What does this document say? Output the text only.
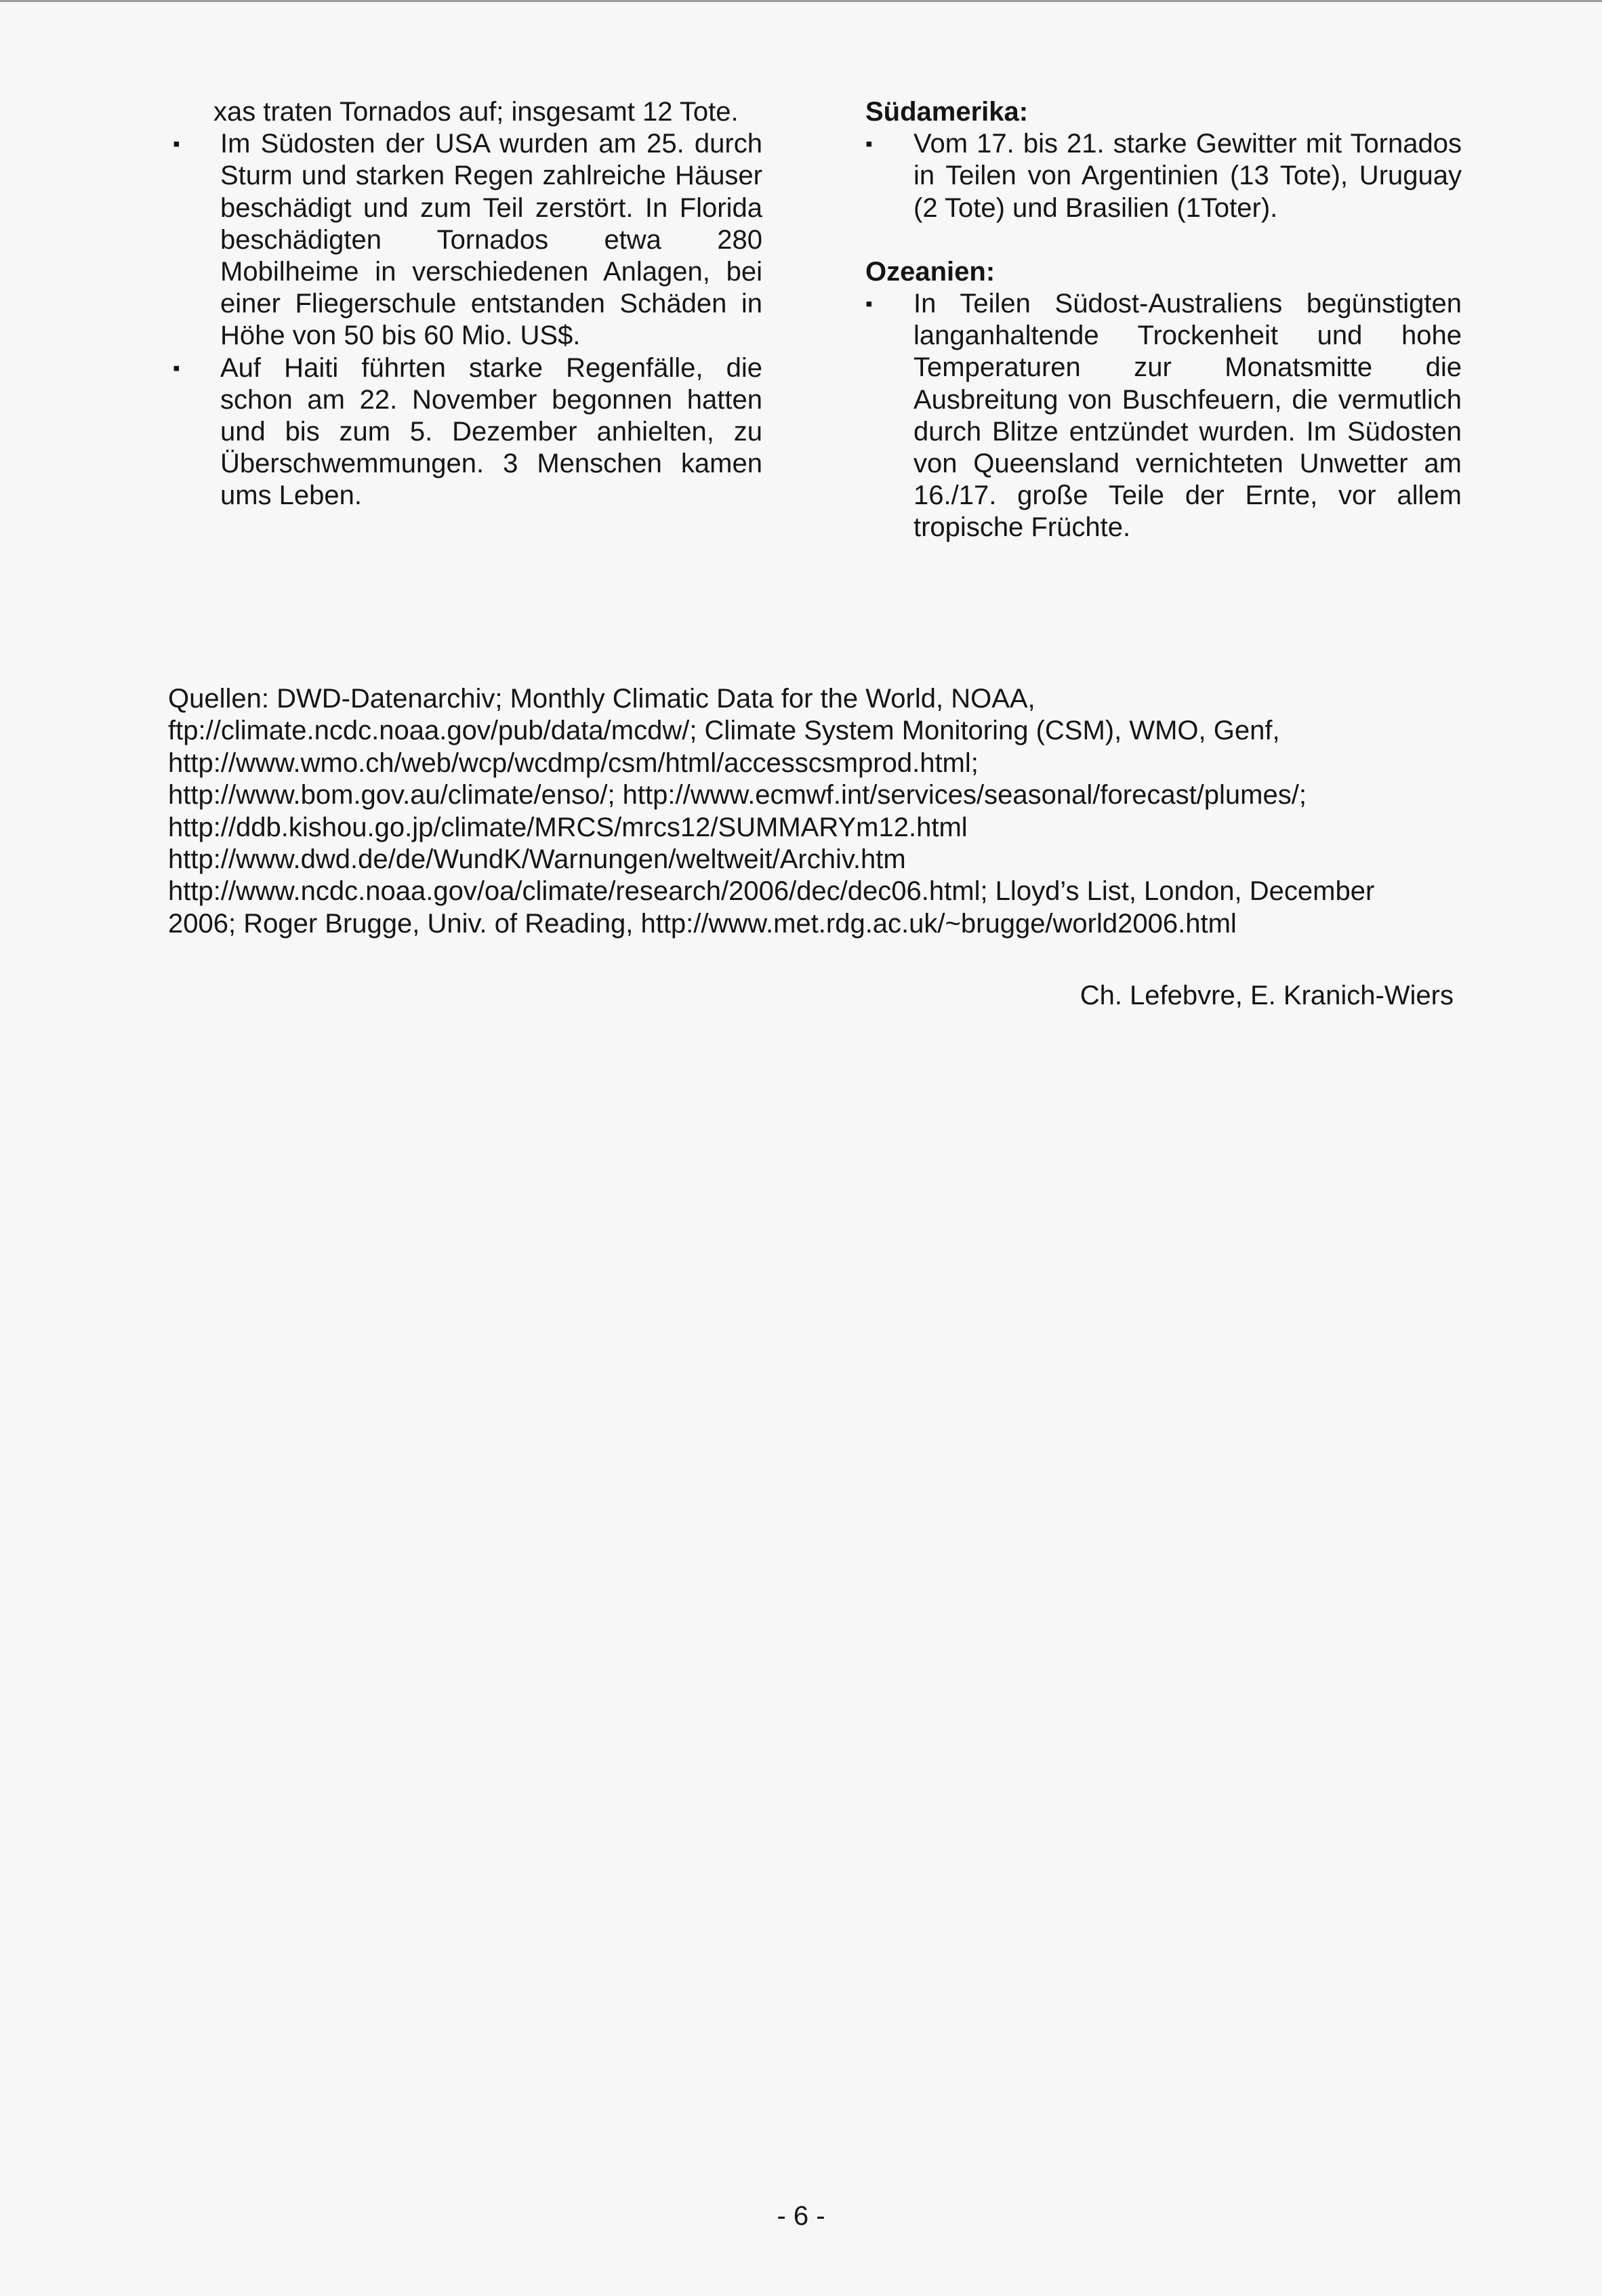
xas traten Tornados auf; insgesamt 12 Tote.

▪ Im Südosten der USA wurden am 25. durch Sturm und starken Regen zahlreiche Häuser beschädigt und zum Teil zerstört. In Florida beschädigten Tornados etwa 280 Mobilheime in verschiedenen Anlagen, bei einer Fliegerschule entstanden Schäden in Höhe von 50 bis 60 Mio. US$.
▪ Auf Haiti führten starke Regenfälle, die schon am 22. November begonnen hatten und bis zum 5. Dezember anhielten, zu Überschwemmungen. 3 Menschen kamen ums Leben.
Südamerika:
▪ Vom 17. bis 21. starke Gewitter mit Tornados in Teilen von Argentinien (13 Tote), Uruguay (2 Tote) und Brasilien (1Toter).
Ozeanien:
▪ In Teilen Südost-Australiens begünstigten langanhaltende Trockenheit und hohe Temperaturen zur Monatsmitte die Ausbreitung von Buschfeuern, die vermutlich durch Blitze entzündet wurden. Im Südosten von Queensland vernichteten Unwetter am 16./17. große Teile der Ernte, vor allem tropische Früchte.

Quellen: DWD-Datenarchiv; Monthly Climatic Data for the World, NOAA,

ftp://climate.ncdc.noaa.gov/pub/data/mcdw/; Climate System Monitoring (CSM), WMO, Genf,

http://www.wmo.ch/web/wcp/wcdmp/csm/html/accesscsmprod.html;

http://www.bom.gov.au/climate/enso/; http://www.ecmwf.int/services/seasonal/forecast/plumes/;

http://ddb.kishou.go.jp/climate/MRCS/mrcs12/SUMMARYm12.html

http://www.dwd.de/de/WundK/Warnungen/weltweit/Archiv.htm

http://www.ncdc.noaa.gov/oa/climate/research/2006/dec/dec06.html; Lloyd’s List, London, December

2006; Roger Brugge, Univ. of Reading, http://www.met.rdg.ac.uk/~brugge/world2006.html

Ch. Lefebvre, E. Kranich-Wiers
- 6 -
